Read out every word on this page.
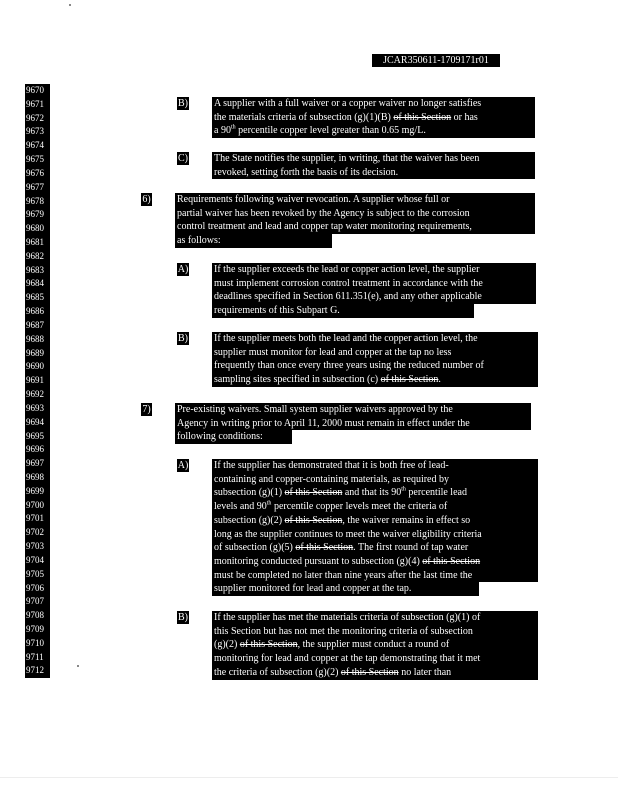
JCAR350611-1709171r01
9670
9671
9672
9673
9674
9675
9676
9677
9678
9679
9680
9681
9682
9683
9684
9685
9686
9687
9688
9689
9690
9691
9692
9693
9694
9695
9696
9697
9698
9699
9700
9701
9702
9703
9704
9705
9706
9707
9708
9709
9710
9711
9712
B)	A supplier with a full waiver or a copper waiver no longer satisfies
the materials criteria of subsection (g)(1)(B) of this Section or has
a 90th percentile copper level greater than 0.65 mg/L.
C)	The State notifies the supplier, in writing, that the waiver has been
revoked, setting forth the basis of its decision.
6)	Requirements following waiver revocation. A supplier whose full or
partial waiver has been revoked by the Agency is subject to the corrosion
control treatment and lead and copper tap water monitoring requirements,
as follows:
A)	If the supplier exceeds the lead or copper action level, the supplier
must implement corrosion control treatment in accordance with the
deadlines specified in Section 611.351(e), and any other applicable
requirements of this Subpart G.
B)	If the supplier meets both the lead and the copper action level, the
supplier must monitor for lead and copper at the tap no less
frequently than once every three years using the reduced number of
sampling sites specified in subsection (c) of this Section.
7)	Pre-existing waivers. Small system supplier waivers approved by the
Agency in writing prior to April 11, 2000 must remain in effect under the
following conditions:
A)	If the supplier has demonstrated that it is both free of lead-
containing and copper-containing materials, as required by
subsection (g)(1) of this Section and that its 90th percentile lead
levels and 90th percentile copper levels meet the criteria of
subsection (g)(2) of this Section, the waiver remains in effect so
long as the supplier continues to meet the waiver eligibility criteria
of subsection (g)(5) of this Section. The first round of tap water
monitoring conducted pursuant to subsection (g)(4) of this Section
must be completed no later than nine years after the last time the
supplier monitored for lead and copper at the tap.
B)	If the supplier has met the materials criteria of subsection (g)(1) of
this Section but has not met the monitoring criteria of subsection
(g)(2) of this Section, the supplier must conduct a round of
monitoring for lead and copper at the tap demonstrating that it met
the criteria of subsection (g)(2) of this Section no later than
